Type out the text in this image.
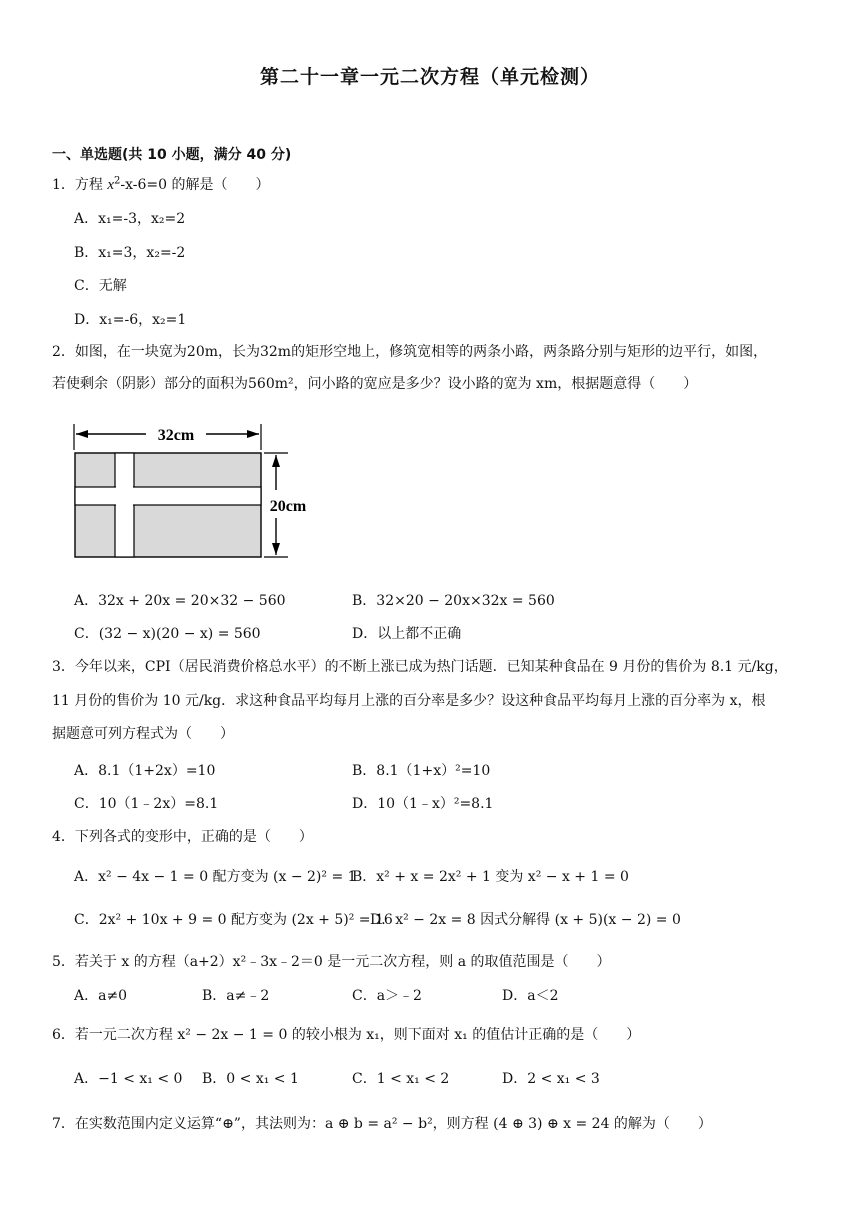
第二十一章一元二次方程（单元检测）
一、单选题(共 10 小题，满分 40 分)
1．方程 $x^2-x-6=0$ 的解是（　　）
A．x₁=-3，x₂=2
B．x₁=3，x₂=-2
C．无解
D．x₁=-6，x₂=1
2．如图，在一块宽为20m，长为32m的矩形空地上，修筑宽相等的两条小路，两条路分别与矩形的边平行，如图，
若使剩余（阴影）部分的面积为560m²，问小路的宽应是多少？设小路的宽为 xm，根据题意得（　　）
32cm
20cm
A．32x + 20x = 20×32 − 560	B．32×20 − 20x×32x = 560
C．(32 − x)(20 − x) = 560	D．以上都不正确
3．今年以来，CPI（居民消费价格总水平）的不断上涨已成为热门话题．已知某种食品在 9 月份的售价为 8.1 元/kg，
11 月份的售价为 10 元/kg．求这种食品平均每月上涨的百分率是多少？设这种食品平均每月上涨的百分率为 x，根
据题意可列方程式为（　　）
A．8.1（1+2x）=10	B．8.1（1+x）²=10
C．10（1﹣2x）=8.1	D．10（1﹣x）²=8.1
4．下列各式的变形中，正确的是（　　）
A．x² − 4x − 1 = 0 配方变为 (x − 2)² = 1
B．x² + x = 2x² + 1 变为 x² − x + 1 = 0
C．2x² + 10x + 9 = 0 配方变为 (2x + 5)² = 16
D．x² − 2x = 8 因式分解得 (x + 5)(x − 2) = 0
5．若关于 x 的方程（a+2）x²﹣3x﹣2＝0 是一元二次方程，则 a 的取值范围是（　　）
A．a≠0	B．a≠﹣2	C．a＞﹣2	D．a＜2
6．若一元二次方程 x² − 2x − 1 = 0 的较小根为 x₁，则下面对 x₁ 的值估计正确的是（　　）
A．−1 < x₁ < 0 B．0 < x₁ < 1	C．1 < x₁ < 2	D．2 < x₁ < 3
7．在实数范围内定义运算“⊕”，其法则为：a ⊕ b = a² − b²，则方程 (4 ⊕ 3) ⊕ x = 24 的解为（　　）
